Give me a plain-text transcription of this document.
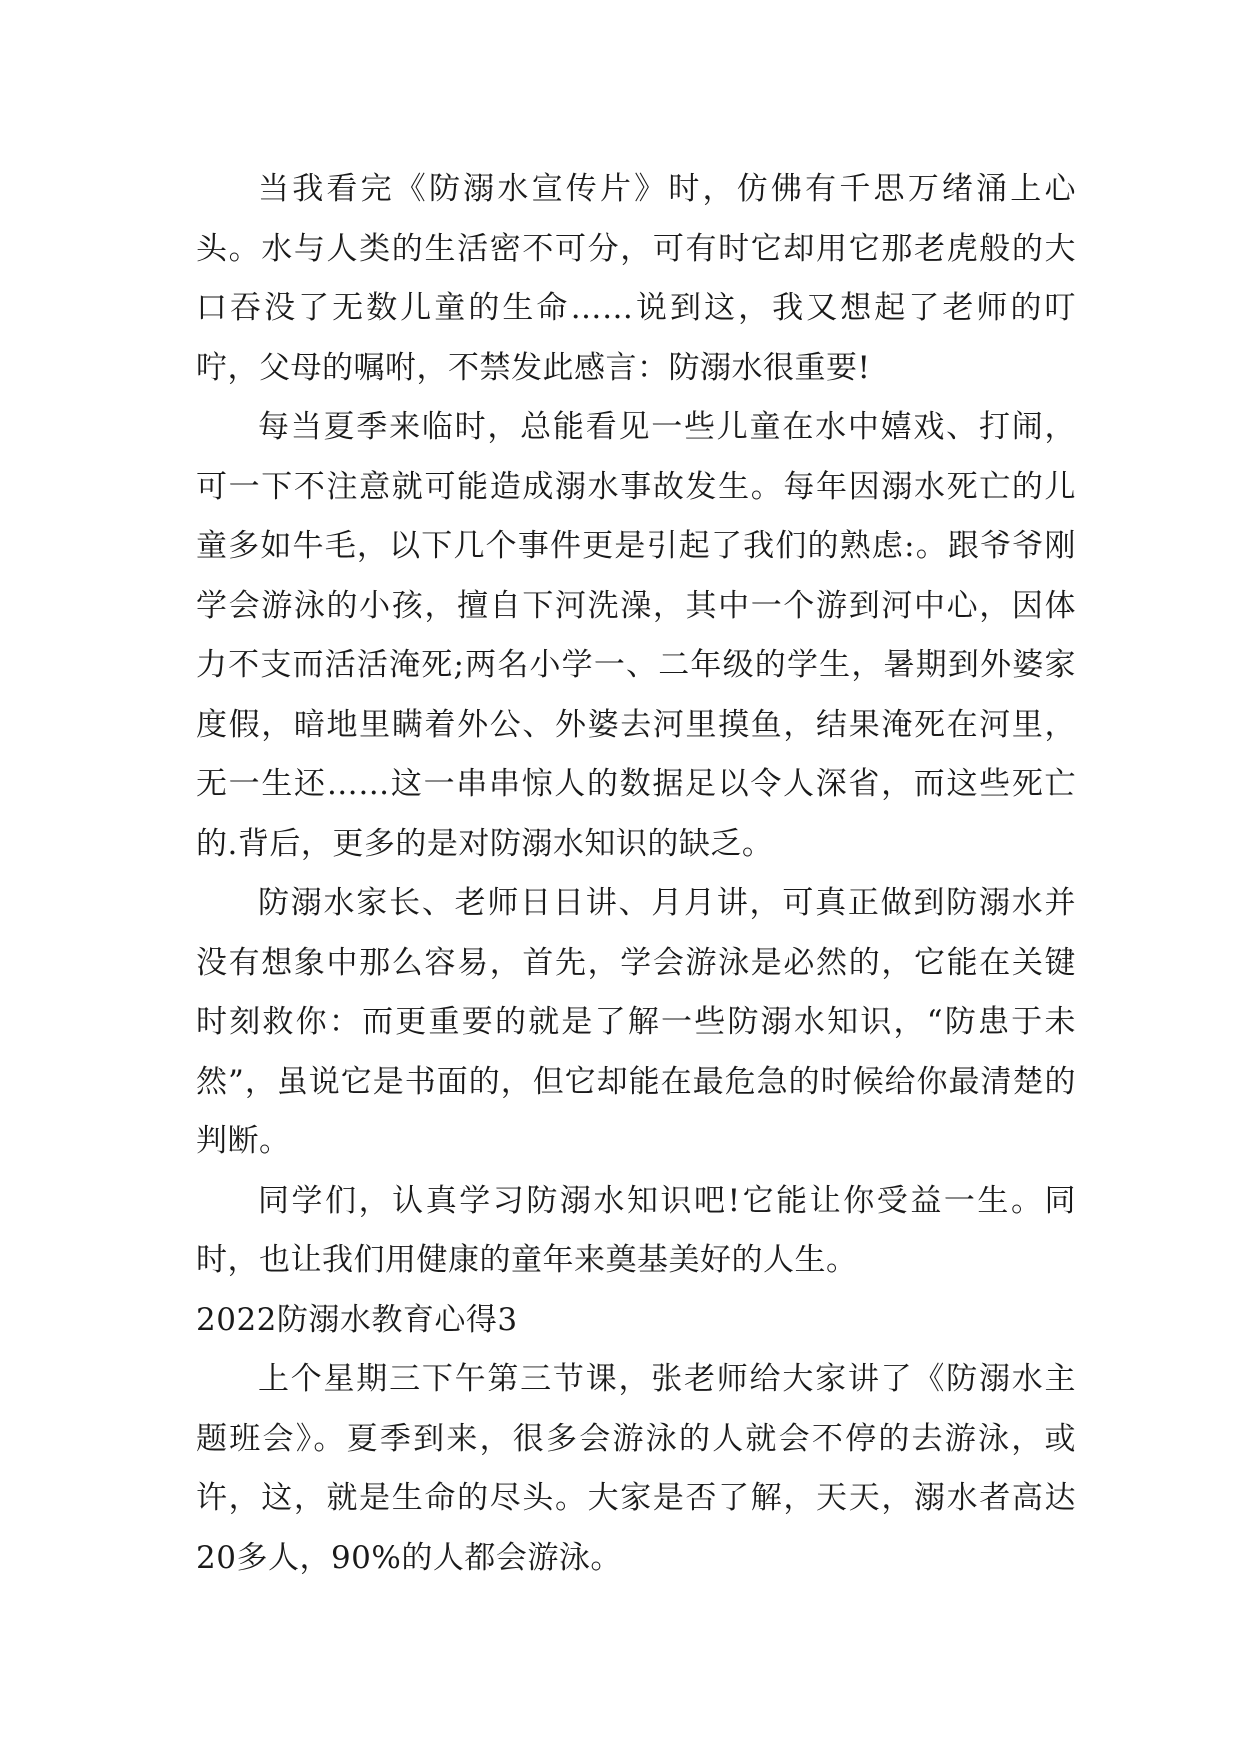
当我看完《防溺水宣传片》时，仿佛有千思万绪涌上心头。水与人类的生活密不可分，可有时它却用它那老虎般的大口吞没了无数儿童的生命……说到这，我又想起了老师的叮咛，父母的嘱咐，不禁发此感言：防溺水很重要!

每当夏季来临时，总能看见一些儿童在水中嬉戏、打闹，可一下不注意就可能造成溺水事故发生。每年因溺水死亡的儿童多如牛毛，以下几个事件更是引起了我们的熟虑:。跟爷爷刚学会游泳的小孩，擅自下河洗澡，其中一个游到河中心，因体力不支而活活淹死;两名小学一、二年级的学生，暑期到外婆家度假，暗地里瞒着外公、外婆去河里摸鱼，结果淹死在河里，无一生还……这一串串惊人的数据足以令人深省，而这些死亡的.背后，更多的是对防溺水知识的缺乏。

防溺水家长、老师日日讲、月月讲，可真正做到防溺水并没有想象中那么容易，首先，学会游泳是必然的，它能在关键时刻救你：而更重要的就是了解一些防溺水知识，“防患于未然”，虽说它是书面的，但它却能在最危急的时候给你最清楚的判断。

同学们，认真学习防溺水知识吧!它能让你受益一生。同时，也让我们用健康的童年来奠基美好的人生。

2022防溺水教育心得3

上个星期三下午第三节课，张老师给大家讲了《防溺水主题班会》。夏季到来，很多会游泳的人就会不停的去游泳，或许，这，就是生命的尽头。大家是否了解，天天，溺水者高达20多人，90%的人都会游泳。
